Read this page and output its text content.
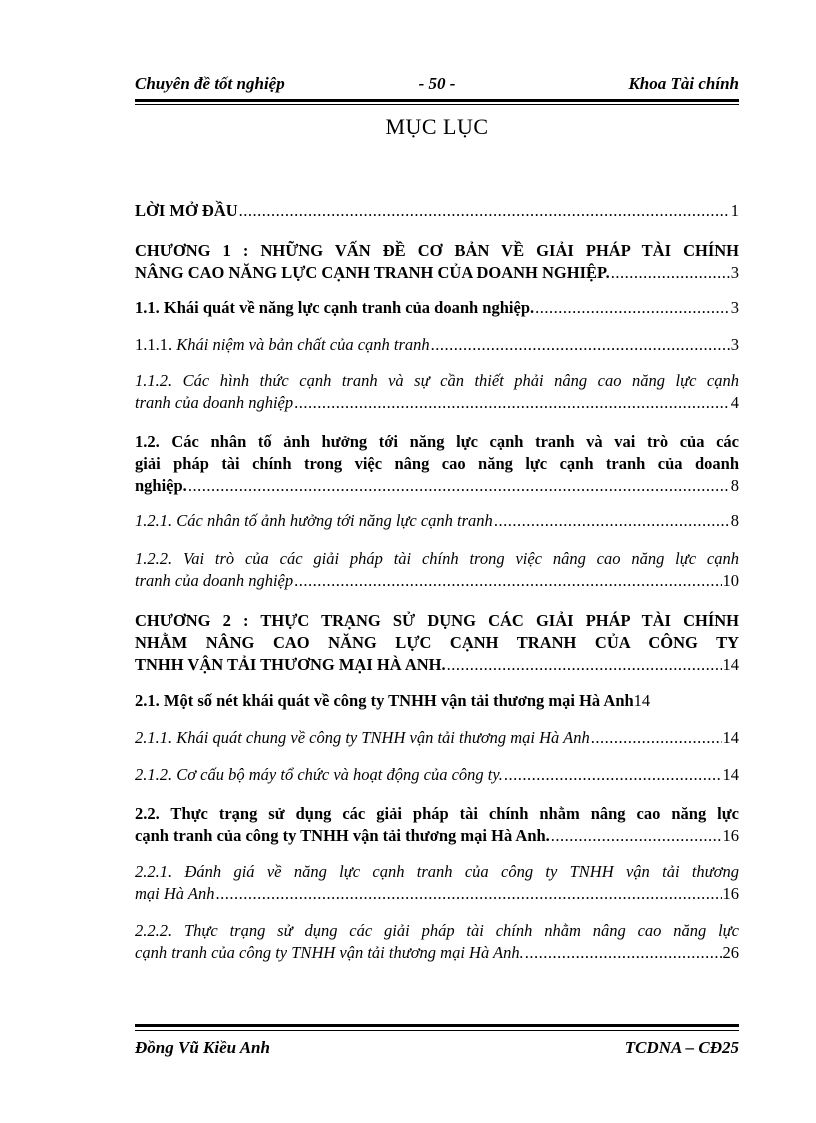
Chuyên đề tốt nghiệp	- 50 -	Khoa Tài chính
MỤC LỤC
LỜI MỞ ĐẦU .....	1
CHƯƠNG 1 : NHỮNG VẤN ĐỀ CƠ BẢN VỀ GIẢI PHÁP TÀI CHÍNH
NÂNG CAO NĂNG LỰC CẠNH TRANH CỦA DOANH NGHIỆP. .....	3
1.1. Khái quát về năng lực cạnh tranh của doanh nghiệp. .....	3
1.1.1. Khái niệm và bản chất của cạnh tranh .....	3
1.1.2. Các hình thức cạnh tranh và sự cần thiết phải nâng cao năng lực cạnh
tranh của doanh nghiệp .....	4
1.2. Các nhân tố ảnh hưởng tới năng lực cạnh tranh và vai trò của các
giải pháp tài chính trong việc nâng cao năng lực cạnh tranh của doanh
nghiệp. .....	8
1.2.1. Các nhân tố ảnh hưởng tới năng lực cạnh tranh .....	8
1.2.2. Vai trò của các giải pháp tài chính trong việc nâng cao năng lực cạnh
tranh của doanh nghiệp .....	10
CHƯƠNG 2 : THỰC TRẠNG SỬ DỤNG CÁC GIẢI PHÁP TÀI CHÍNH
NHẰM NÂNG CAO NĂNG LỰC CẠNH TRANH CỦA CÔNG TY
TNHH VẬN TẢI THƯƠNG MẠI HÀ ANH. .....	14
2.1. Một số nét khái quát về công ty TNHH vận tải thương mại Hà Anh 14
2.1.1. Khái quát chung về công ty TNHH vận tải thương mại Hà Anh .....	14
2.1.2. Cơ cấu bộ máy tổ chức và hoạt động của công ty. .....	14
2.2. Thực trạng sử dụng các giải pháp tài chính nhằm nâng cao năng lực
cạnh tranh của công ty TNHH vận tải thương mại Hà Anh. .....	16
2.2.1. Đánh giá về năng lực cạnh tranh của công ty TNHH vận tải thương
mại Hà Anh .....	16
2.2.2. Thực trạng sử dụng các giải pháp tài chính nhằm nâng cao năng lực
cạnh tranh của công ty TNHH vận tải thương mại Hà Anh. .....	26
Đồng Vũ Kiều Anh	TCDNA – CĐ25
